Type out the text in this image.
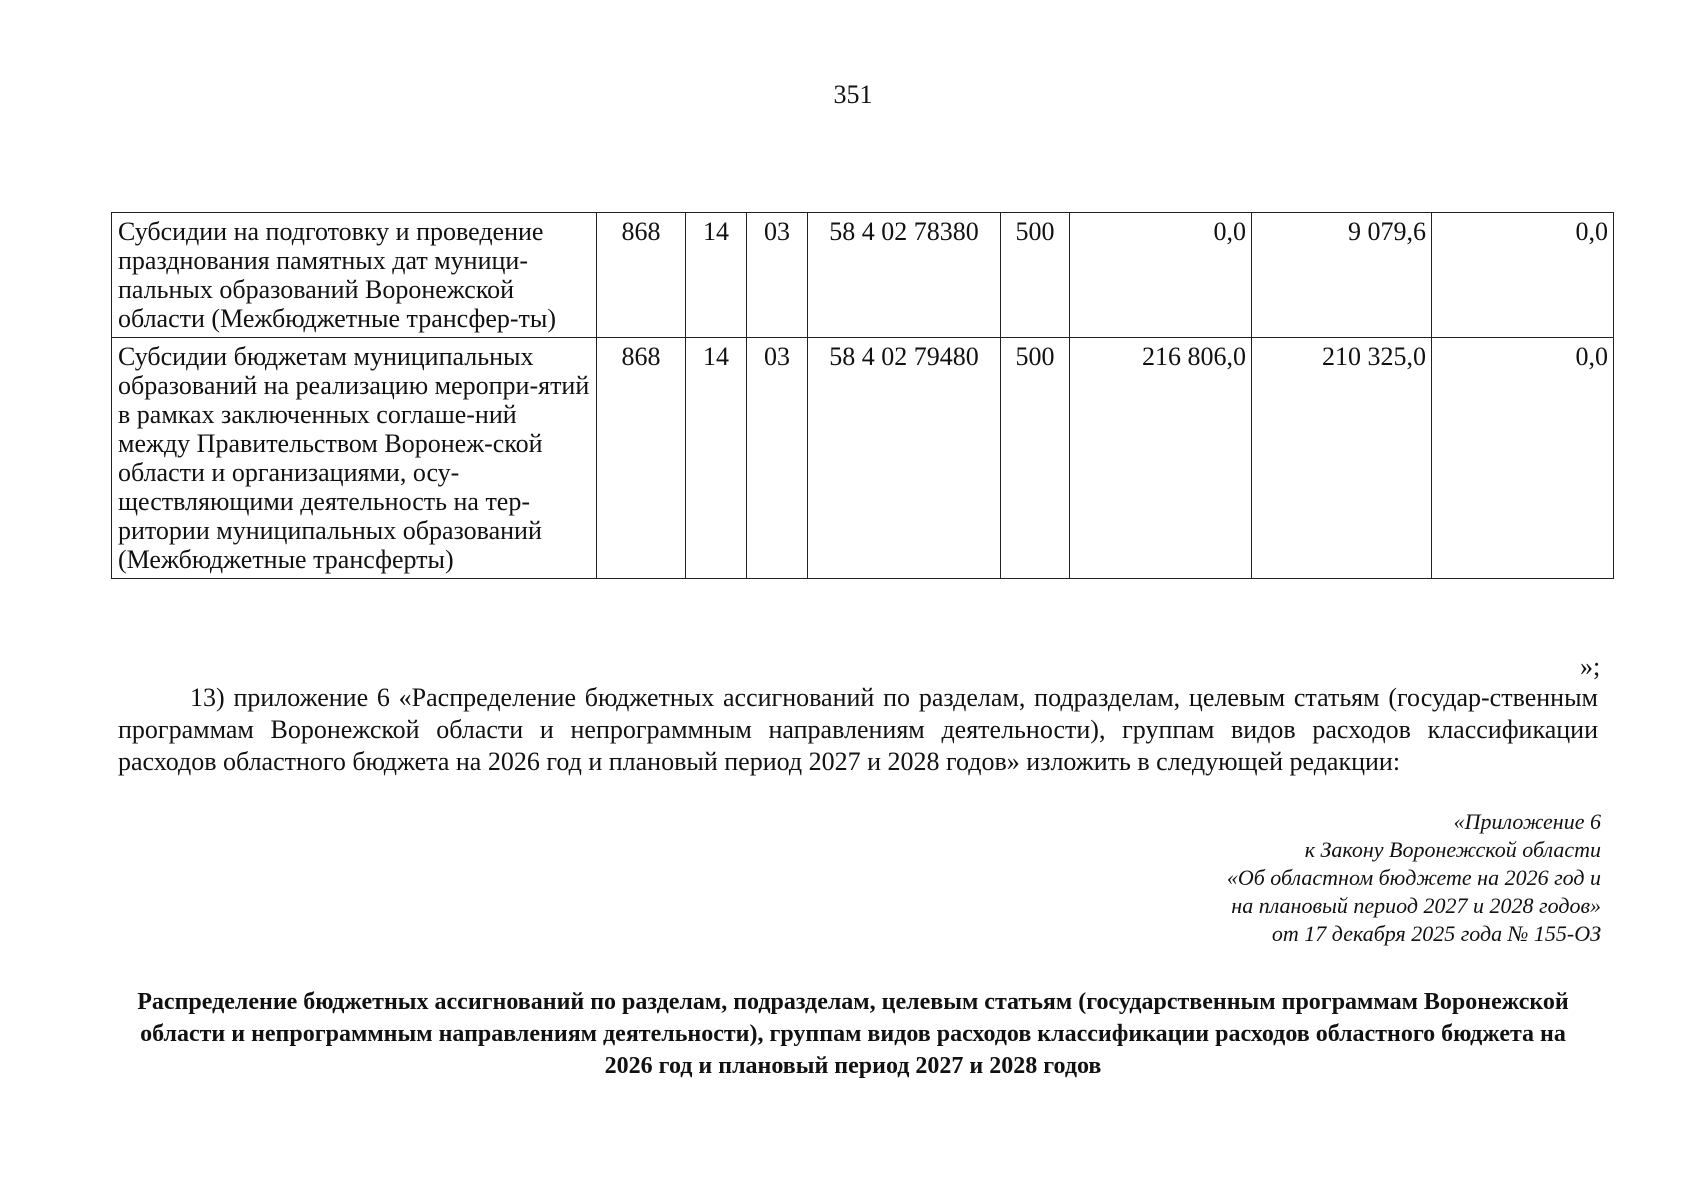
351
Субсидии на подготовку и проведение празднования памятных дат муници-пальных образований Воронежской области (Межбюджетные трансфер-ты)	868	14	03	58 4 02 78380	500	0,0	9 079,6	0,0
Субсидии бюджетам муниципальных образований на реализацию меропри-ятий в рамках заключенных соглаше-ний между Правительством Воронеж-ской области и организациями, осу-ществляющими деятельность на тер-ритории муниципальных образований (Межбюджетные трансферты)	868	14	03	58 4 02 79480	500	216 806,0	210 325,0	0,0
»;
13) приложение 6 «Распределение бюджетных ассигнований по разделам, подразделам, целевым статьям (государ-ственным программам Воронежской области и непрограммным направлениям деятельности), группам видов расходов классификации расходов областного бюджета на 2026 год и плановый период 2027 и 2028 годов» изложить в следующей редакции:
«Приложение 6
к Закону Воронежской области
«Об областном бюджете на 2026 год и
на плановый период 2027 и 2028 годов»
от 17 декабря 2025 года № 155-ОЗ
Распределение бюджетных ассигнований по разделам, подразделам, целевым статьям (государственным программам Воронежской области и непрограммным направлениям деятельности), группам видов расходов классификации расходов областного бюджета на 2026 год и плановый период 2027 и 2028 годов
